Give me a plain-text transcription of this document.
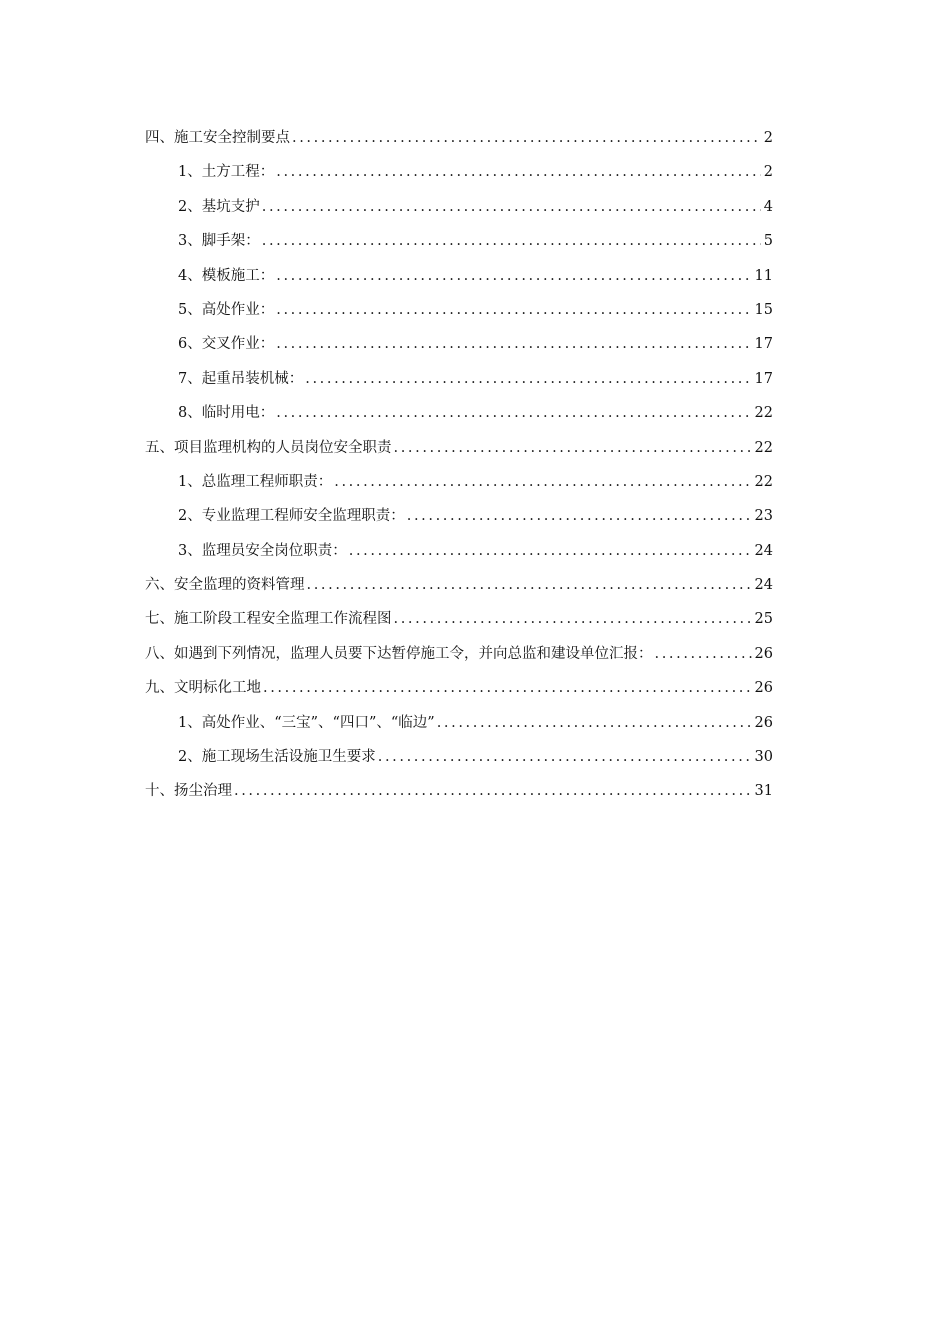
四、施工安全控制要点 .....	2
1、土方工程： .....	2
2、基坑支护 .....	4
3、脚手架： .....	5
4、模板施工： .....	11
5、高处作业： .....	15
6、交叉作业： .....	17
7、起重吊装机械： .....	17
8、临时用电： .....	22
五、项目监理机构的人员岗位安全职责 .....	22
1、总监理工程师职责： .....	22
2、专业监理工程师安全监理职责： .....	23
3、监理员安全岗位职责： .....	24
六、安全监理的资料管理 .....	24
七、施工阶段工程安全监理工作流程图 .....	25
八、如遇到下列情况，监理人员要下达暂停施工令，并向总监和建设单位汇报： .....	26
九、文明标化工地 .....	26
1、高处作业、“三宝”、“四口”、“临边” .....	26
2、施工现场生活设施卫生要求 .....	30
十、扬尘治理 .....	31
